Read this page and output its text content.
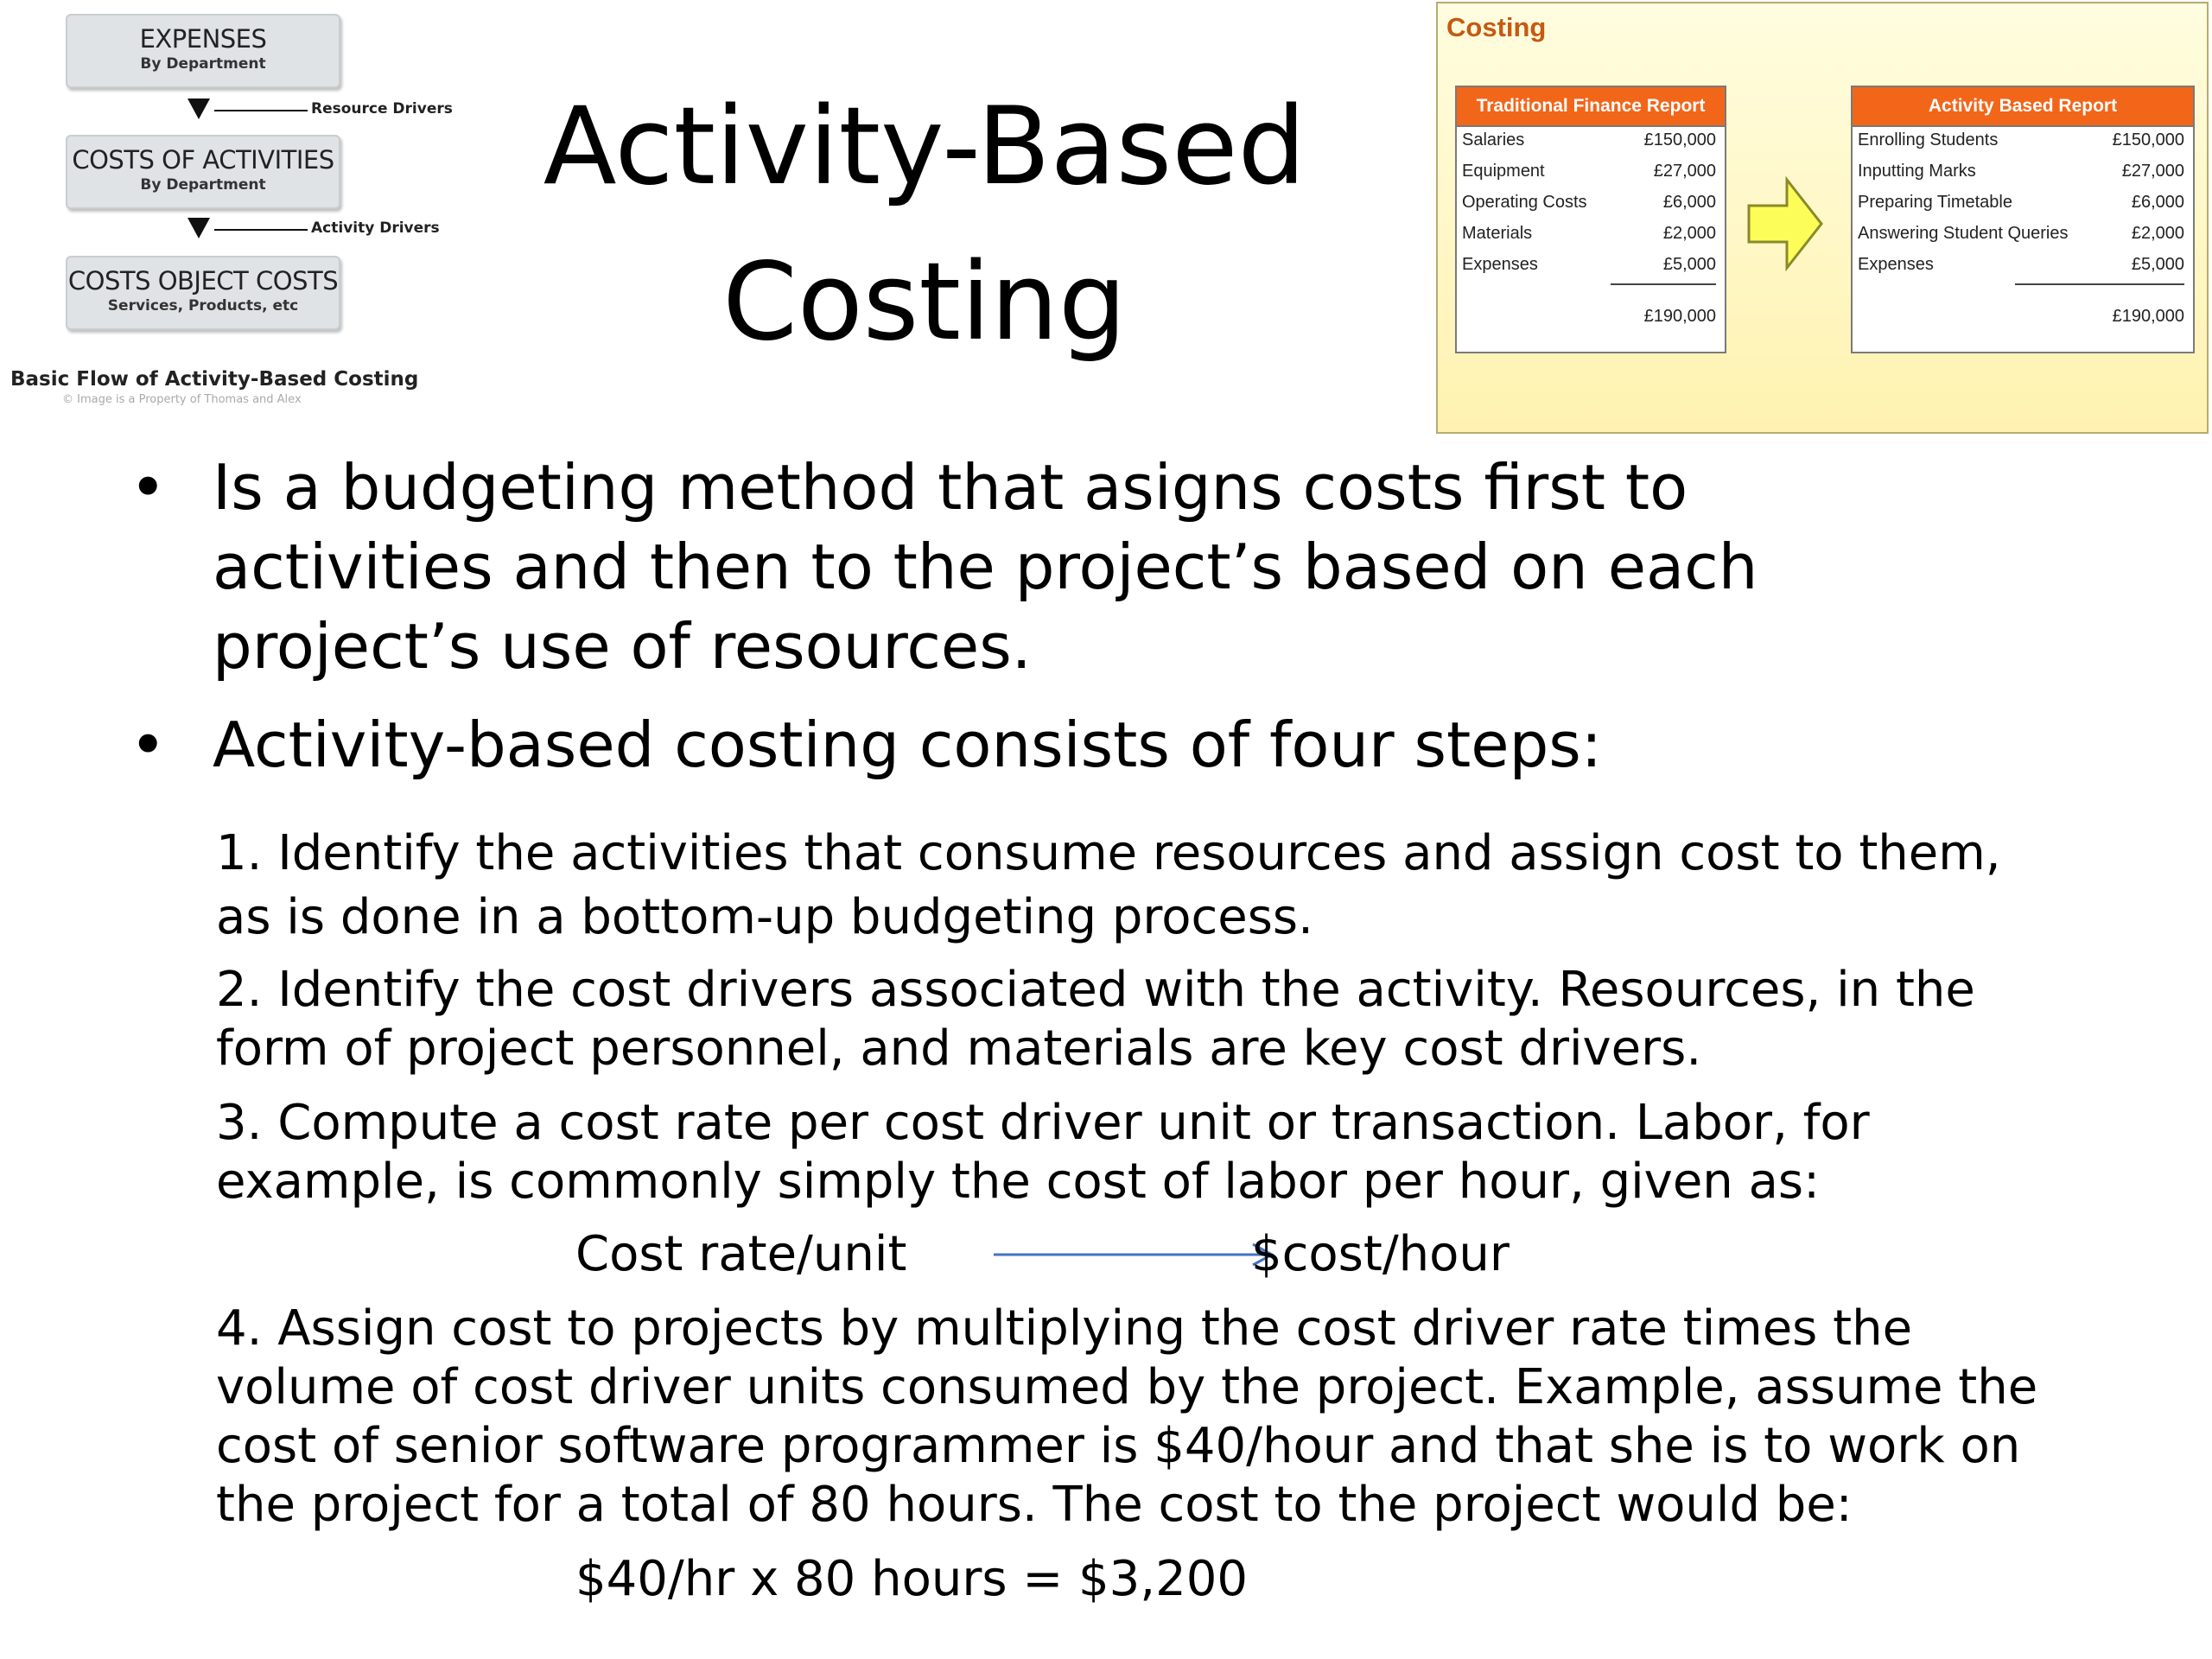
EXPENSES
By Department
Resource Drivers
COSTS OF ACTIVITIES
By Department
Activity Drivers
COSTS OBJECT COSTS
Services, Products, etc
Basic Flow of Activity-Based Costing
© Image is a Property of Thomas and Alex
Activity-Based
Costing
Costing
Traditional Finance Report
Salaries	£150,000
Equipment	£27,000
Operating Costs	£6,000
Materials	£2,000
Expenses	£5,000
£190,000
Activity Based Report
Enrolling Students	£150,000
Inputting Marks	£27,000
Preparing Timetable	£6,000
Answering Student Queries	£2,000
Expenses	£5,000
£190,000
• Is a budgeting method that asigns costs first to
activities and then to the project’s based on each
project’s use of resources.
• Activity-based costing consists of four steps:
1. Identify the activities that consume resources and assign cost to them,
as is done in a bottom-up budgeting process.
2. Identify the cost drivers associated with the activity. Resources, in the
form of project personnel, and materials are key cost drivers.
3. Compute a cost rate per cost driver unit or transaction. Labor, for
example, is commonly simply the cost of labor per hour, given as:
Cost rate/unit	$cost/hour
4. Assign cost to projects by multiplying the cost driver rate times the
volume of cost driver units consumed by the project. Example, assume the
cost of senior software programmer is $40/hour and that she is to work on
the project for a total of 80 hours. The cost to the project would be:
$40/hr x 80 hours = $3,200
